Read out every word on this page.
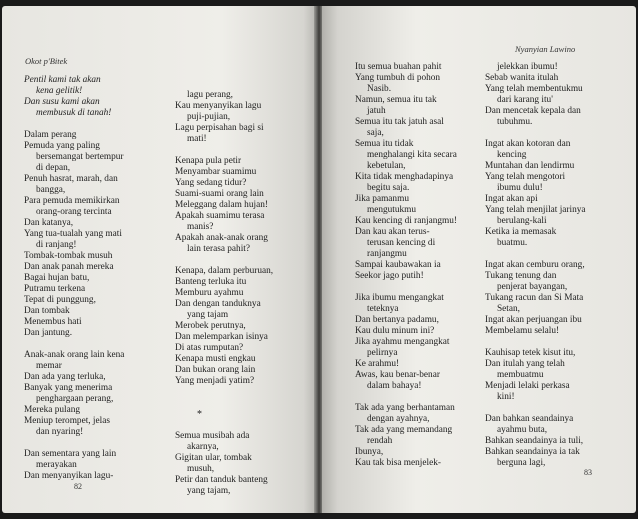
Okot p'Bitek
Pentil kami tak akan
kena gelitik!
Dan susu kami akan
membusuk di tanah!
Dalam perang
Pemuda yang paling
bersemangat bertempur
di depan,
Penuh hasrat, marah, dan
bangga,
Para pemuda memikirkan
orang-orang tercinta
Dan katanya,
Yang tua-tualah yang mati
di ranjang!
Tombak-tombak musuh
Dan anak panah mereka
Bagai hujan batu,
Putramu terkena
Tepat di punggung,
Dan tombak
Menembus hati
Dan jantung.
Anak-anak orang lain kena
memar
Dan ada yang terluka,
Banyak yang menerima
penghargaan perang,
Mereka pulang
Meniup terompet, jelas
dan nyaring!
Dan sementara yang lain
merayakan
Dan menyanyikan lagu-
lagu perang,
Kau menyanyikan lagu
puji-pujian,
Lagu perpisahan bagi si
mati!
Kenapa pula petir
Menyambar suamimu
Yang sedang tidur?
Suami-suami orang lain
Meleggang dalam hujan!
Apakah suamimu terasa
manis?
Apakah anak-anak orang
lain terasa pahit?
Kenapa, dalam perburuan,
Banteng terluka itu
Memburu ayahmu
Dan dengan tanduknya
yang tajam
Merobek perutnya,
Dan melemparkan isinya
Di atas rumputan?
Kenapa musti engkau
Dan bukan orang lain
Yang menjadi yatim?
*
Semua musibah ada
akarnya,
Gigitan ular, tombak
musuh,
Petir dan tanduk banteng
yang tajam,
82
Nyanyian Lawino
Itu semua buahan pahit
Yang tumbuh di pohon
Nasib.
Namun, semua itu tak
jatuh
Semua itu tak jatuh asal
saja,
Semua itu tidak
menghalangi kita secara
kebetulan,
Kita tidak menghadapinya
begitu saja.
Jika pamanmu
mengutukmu
Kau kencing di ranjangmu!
Dan kau akan terus-
terusan kencing di
ranjangmu
Sampai kaubawakan ia
Seekor jago putih!
Jika ibumu mengangkat
teteknya
Dan bertanya padamu,
Kau dulu minum ini?
Jika ayahmu mengangkat
pelirnya
Ke arahmu!
Awas, kau benar-benar
dalam bahaya!
Tak ada yang berhantaman
dengan ayahnya,
Tak ada yang memandang
rendah
Ibunya,
Kau tak bisa menjelek-
jelekkan ibumu!
Sebab wanita itulah
Yang telah membentukmu
dari karang itu'
Dan mencetak kepala dan
tubuhmu.
Ingat akan kotoran dan
kencing
Muntahan dan lendirmu
Yang telah mengotori
ibumu dulu!
Ingat akan api
Yang telah menjilat jarinya
berulang-kali
Ketika ia memasak
buatmu.
Ingat akan cemburu orang,
Tukang tenung dan
penjerat bayangan,
Tukang racun dan Si Mata
Setan,
Ingat akan perjuangan ibu
Membelamu selalu!
Kauhisap tetek kisut itu,
Dan itulah yang telah
membuatmu
Menjadi lelaki perkasa
kini!
Dan bahkan seandainya
ayahmu buta,
Bahkan seandainya ia tuli,
Bahkan seandainya ia tak
berguna lagi,
83
